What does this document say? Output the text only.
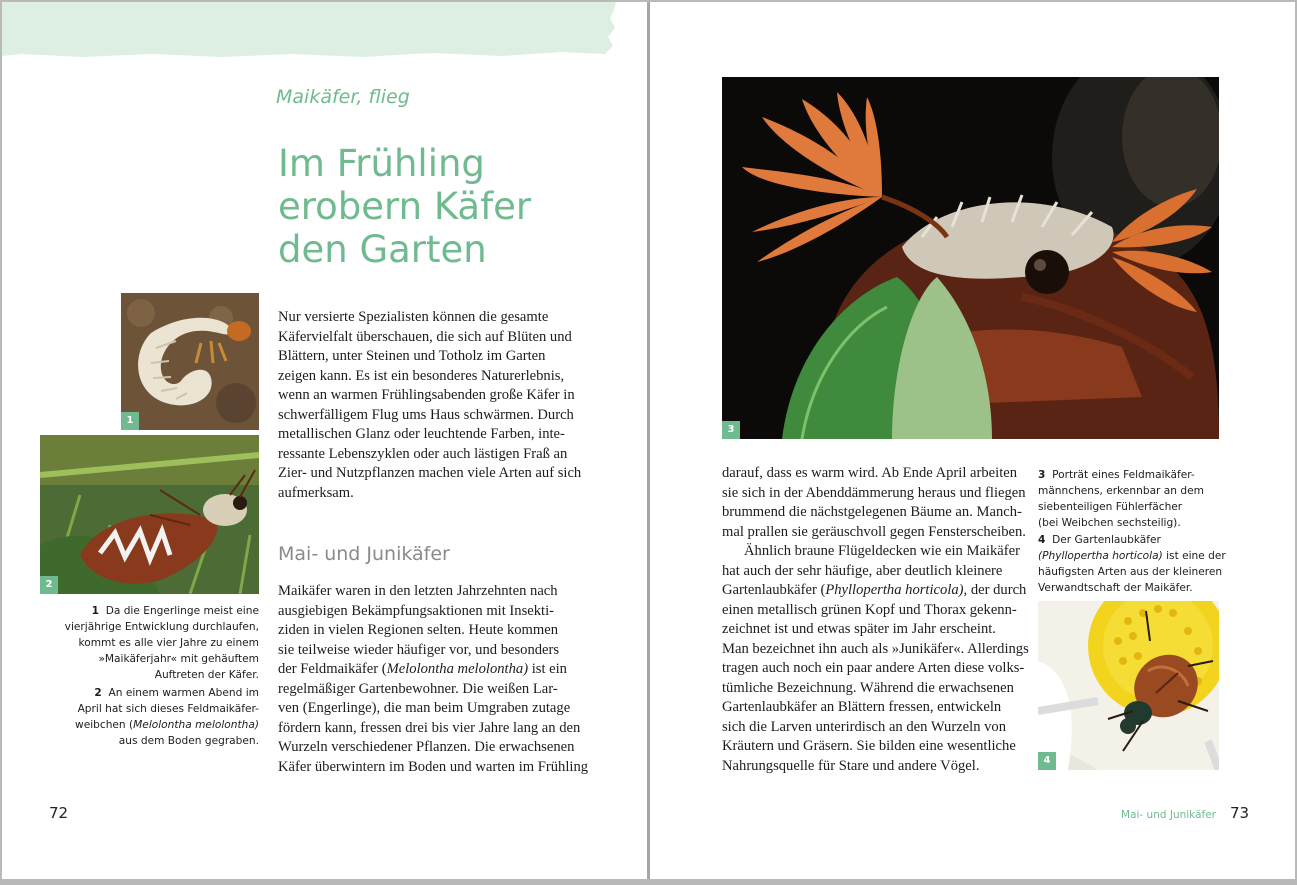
Maikäfer, flieg
Im Frühling
erobern Käfer
den Garten
1
2
Nur versierte Spezialisten können die gesamte
Käfervielfalt überschauen, die sich auf Blüten und
Blättern, unter Steinen und Totholz im Garten
zeigen kann. Es ist ein besonderes Naturerlebnis,
wenn an warmen Frühlingsabenden große Käfer in
schwerfälligem Flug ums Haus schwärmen. Durch
metallischen Glanz oder leuchtende Farben, inte-
ressante Lebenszyklen oder auch lästigen Fraß an
Zier- und Nutzpflanzen machen viele Arten auf sich
aufmerksam.
Mai- und Junikäfer
Maikäfer waren in den letzten Jahrzehnten nach
ausgiebigen Bekämpfungsaktionen mit Insekti-
ziden in vielen Regionen selten. Heute kommen
sie teilweise wieder häufiger vor, und besonders
der Feldmaikäfer (Melolontha melolontha) ist ein
regelmäßiger Gartenbewohner. Die weißen Lar-
ven (Engerlinge), die man beim Umgraben zutage
fördern kann, fressen drei bis vier Jahre lang an den
Wurzeln verschiedener Pflanzen. Die erwachsenen
Käfer überwintern im Boden und warten im Frühling
1 Da die Engerlinge meist eine
vierjährige Entwicklung durchlaufen,
kommt es alle vier Jahre zu einem
»Maikäferjahr« mit gehäuftem
Auftreten der Käfer.
2 An einem warmen Abend im
April hat sich dieses Feldmaikäfer-
weibchen (Melolontha melolontha)
aus dem Boden gegraben.
72
3
darauf, dass es warm wird. Ab Ende April arbeiten
sie sich in der Abenddämmerung heraus und fliegen
brummend die nächstgelegenen Bäume an. Manch-
mal prallen sie geräuschvoll gegen Fensterscheiben.
Ähnlich braune Flügeldecken wie ein Maikäfer
hat auch der sehr häufige, aber deutlich kleinere
Gartenlaubkäfer (Phyllopertha horticola), der durch
einen metallisch grünen Kopf und Thorax gekenn-
zeichnet ist und etwas später im Jahr erscheint.
Man bezeichnet ihn auch als »Junikäfer«. Allerdings
tragen auch noch ein paar andere Arten diese volks-
tümliche Bezeichnung. Während die erwachsenen
Gartenlaubkäfer an Blättern fressen, entwickeln
sich die Larven unterirdisch an den Wurzeln von
Kräutern und Gräsern. Sie bilden eine wesentliche
Nahrungsquelle für Stare und andere Vögel.
3 Porträt eines Feldmaikäfer-
männchens, erkennbar an dem
siebenteiligen Fühlerfächer
(bei Weibchen sechsteilig).
4 Der Gartenlaubkäfer
(Phyllopertha horticola) ist eine der
häufigsten Arten aus der kleineren
Verwandtschaft der Maikäfer.
4
Mai- und Junikäfer 73
